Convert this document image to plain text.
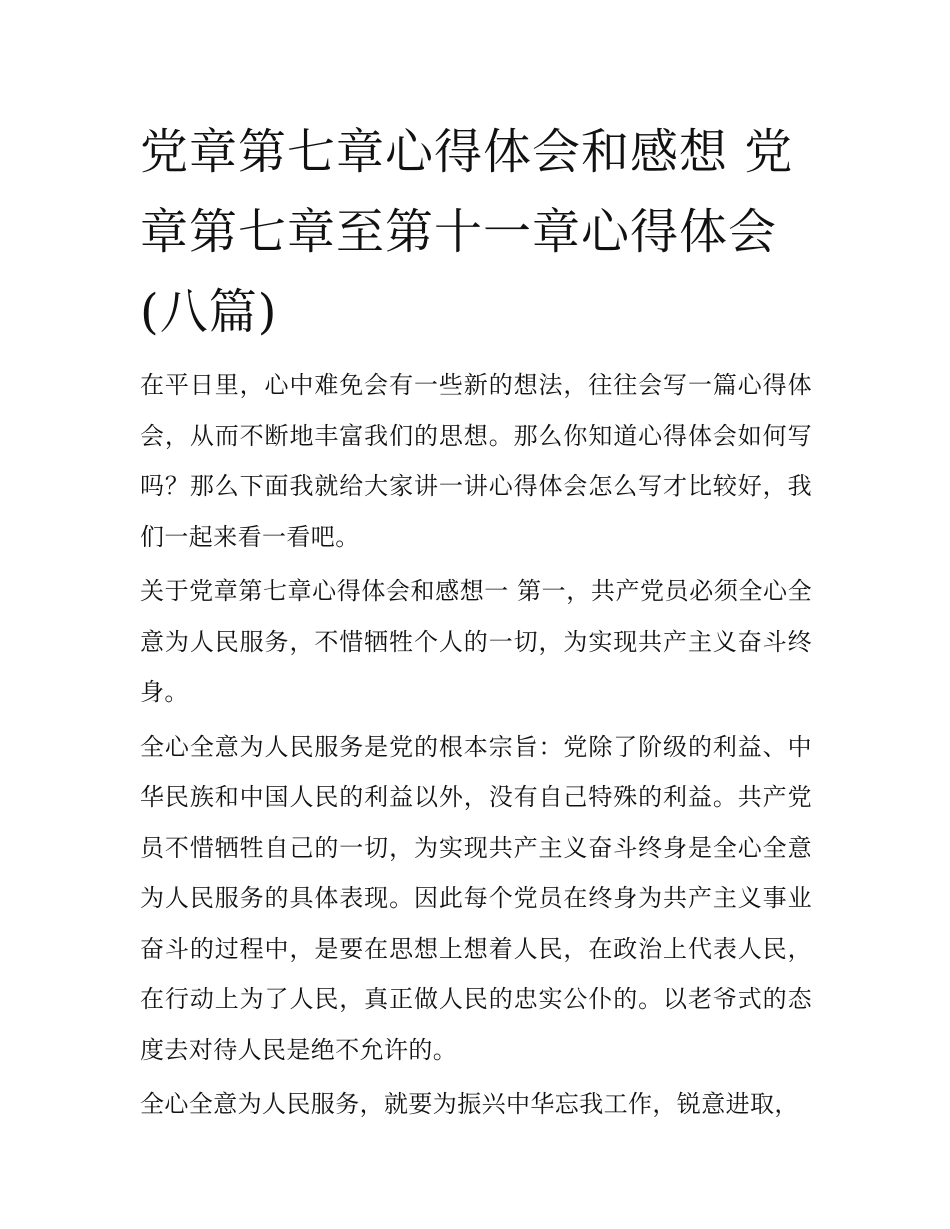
党章第七章心得体会和感想 党章第七章至第十一章心得体会(八篇)

在平日里，心中难免会有一些新的想法，往往会写一篇心得体会，从而不断地丰富我们的思想。那么你知道心得体会如何写吗？那么下面我就给大家讲一讲心得体会怎么写才比较好，我们一起来看一看吧。

关于党章第七章心得体会和感想一 第一，共产党员必须全心全意为人民服务，不惜牺牲个人的一切，为实现共产主义奋斗终身。

全心全意为人民服务是党的根本宗旨：党除了阶级的利益、中华民族和中国人民的利益以外，没有自己特殊的利益。共产党员不惜牺牲自己的一切，为实现共产主义奋斗终身是全心全意为人民服务的具体表现。因此每个党员在终身为共产主义事业奋斗的过程中，是要在思想上想着人民，在政治上代表人民，在行动上为了人民，真正做人民的忠实公仆的。以老爷式的态度去对待人民是绝不允许的。

全心全意为人民服务，就要为振兴中华忘我工作，锐意进取，
